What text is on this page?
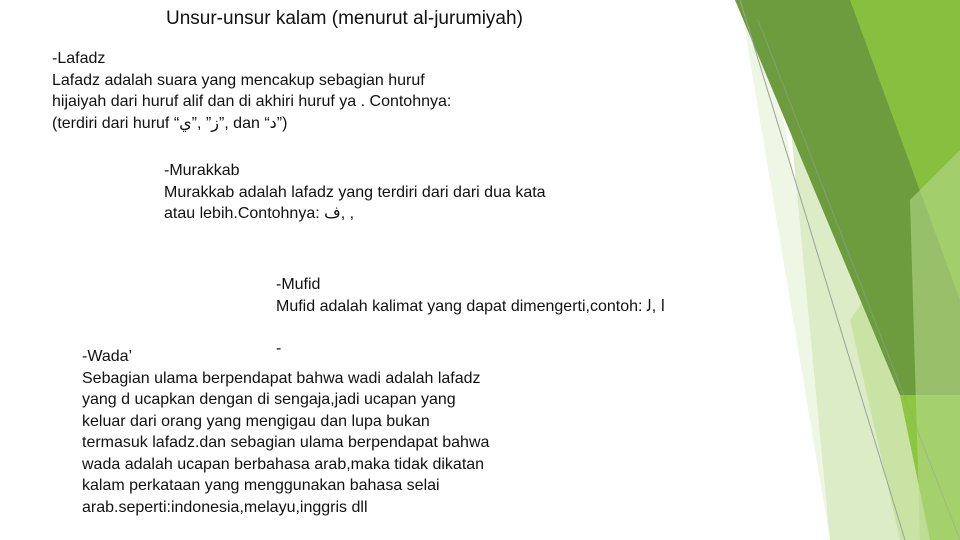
Unsur-unsur kalam (menurut al-jurumiyah)
-Lafadz
Lafadz adalah suara yang mencakup sebagian huruf
hijaiyah dari huruf alif dan di akhiri huruf ya . Contohnya:
(terdiri dari huruf “ز” ,”ي”, dan “د”)
-Murakkab
Murakkab adalah lafadz yang terdiri dari dari dua kata
atau lebih.Contohnya: ﻑ, ,
-Mufid
Mufid adalah kalimat yang dapat dimengerti,contoh: ﺍ ,ﻟ
-
-Wada’
Sebagian ulama berpendapat bahwa wadi adalah lafadz
yang d ucapkan dengan di sengaja,jadi ucapan yang
keluar dari orang yang mengigau dan lupa bukan
termasuk lafadz.dan sebagian ulama berpendapat bahwa
wada adalah ucapan berbahasa arab,maka tidak dikatan
kalam perkataan yang menggunakan bahasa selai
arab.seperti:indonesia,melayu,inggris dll
